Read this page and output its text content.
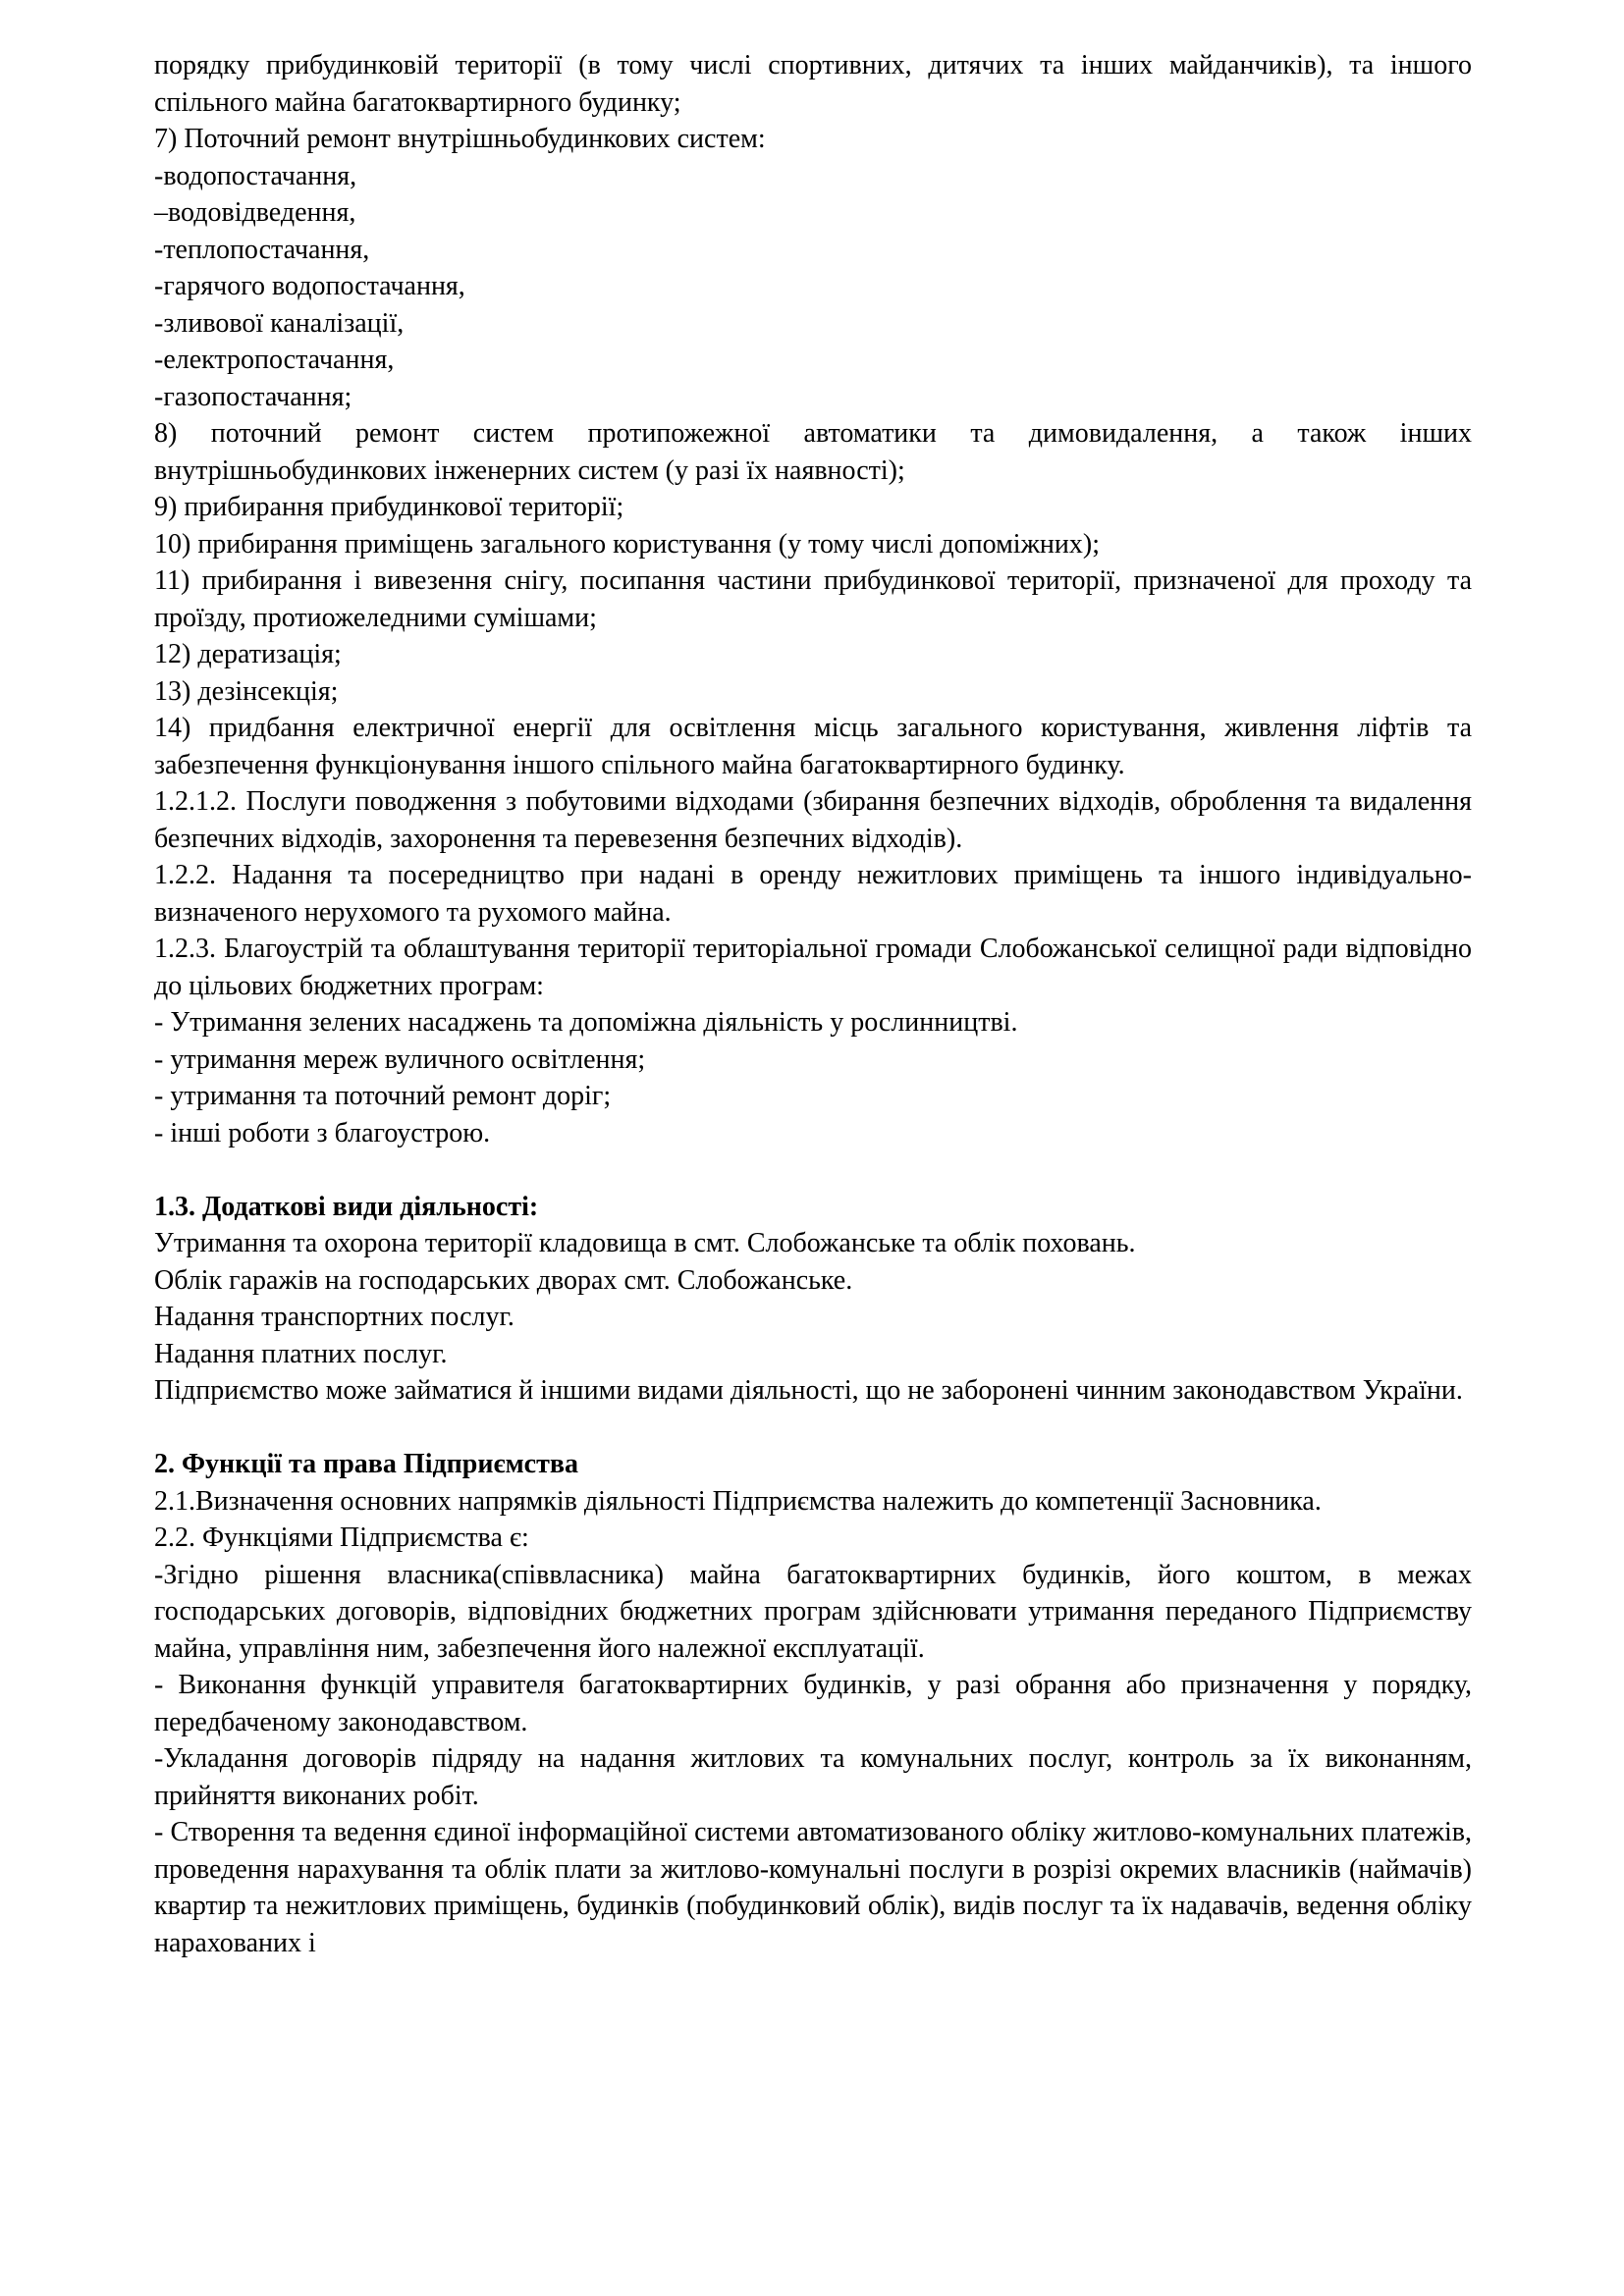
порядку прибудинковій території (в тому числі спортивних, дитячих та інших майданчиків), та іншого спільного майна багатоквартирного будинку;

7) Поточний ремонт внутрішньобудинкових систем:

-водопостачання,

–водовідведення,

-теплопостачання,

-гарячого водопостачання,

-зливової каналізації,

-електропостачання,

-газопостачання;

8) поточний ремонт систем протипожежної автоматики та димовидалення, а також інших внутрішньобудинкових інженерних систем (у разі їх наявності);

9) прибирання прибудинкової території;

10) прибирання приміщень загального користування (у тому числі допоміжних);

11) прибирання і вивезення снігу, посипання частини прибудинкової території, призначеної для проходу та проїзду, протиожеледними сумішами;

12) дератизація;

13) дезінсекція;

14) придбання електричної енергії для освітлення місць загального користування, живлення ліфтів та забезпечення функціонування іншого спільного майна багатоквартирного будинку.

1.2.1.2. Послуги поводження з побутовими відходами (збирання безпечних відходів, оброблення та видалення безпечних відходів, захоронення та перевезення безпечних відходів).

1.2.2. Надання та посередництво при надані в оренду нежитлових приміщень та іншого індивідуально-визначеного нерухомого та рухомого майна.

1.2.3. Благоустрій та облаштування території територіальної громади Слобожанської селищної ради відповідно до цільових бюджетних програм:

- Утримання зелених насаджень та допоміжна діяльність у рослинництві.

- утримання мереж вуличного освітлення;

- утримання та поточний ремонт доріг;

- інші роботи з благоустрою.

1.3. Додаткові види діяльності:

Утримання та охорона території кладовища в смт. Слобожанське та облік поховань.

Облік гаражів на господарських дворах смт. Слобожанське.

Надання транспортних послуг.

Надання платних послуг.

Підприємство може займатися й іншими видами діяльності, що не заборонені чинним законодавством України.

2. Функції та права Підприємства

2.1.Визначення основних напрямків діяльності Підприємства належить до компетенції Засновника.

2.2. Функціями Підприємства є:

-Згідно рішення власника(співвласника) майна багатоквартирних будинків, його коштом, в межах господарських договорів, відповідних бюджетних програм здійснювати утримання переданого Підприємству майна, управління ним, забезпечення його належної експлуатації.

- Виконання функцій управителя багатоквартирних будинків, у разі обрання або призначення у порядку, передбаченому законодавством.

-Укладання договорів підряду на надання житлових та комунальних послуг, контроль за їх виконанням, прийняття виконаних робіт.

- Створення та ведення єдиної інформаційної системи автоматизованого обліку житлово-комунальних платежів, проведення нарахування та облік плати за житлово-комунальні послуги в розрізі окремих власників (наймачів) квартир та нежитлових приміщень, будинків (побудинковий облік), видів послуг та їх надавачів, ведення обліку нарахованих і
